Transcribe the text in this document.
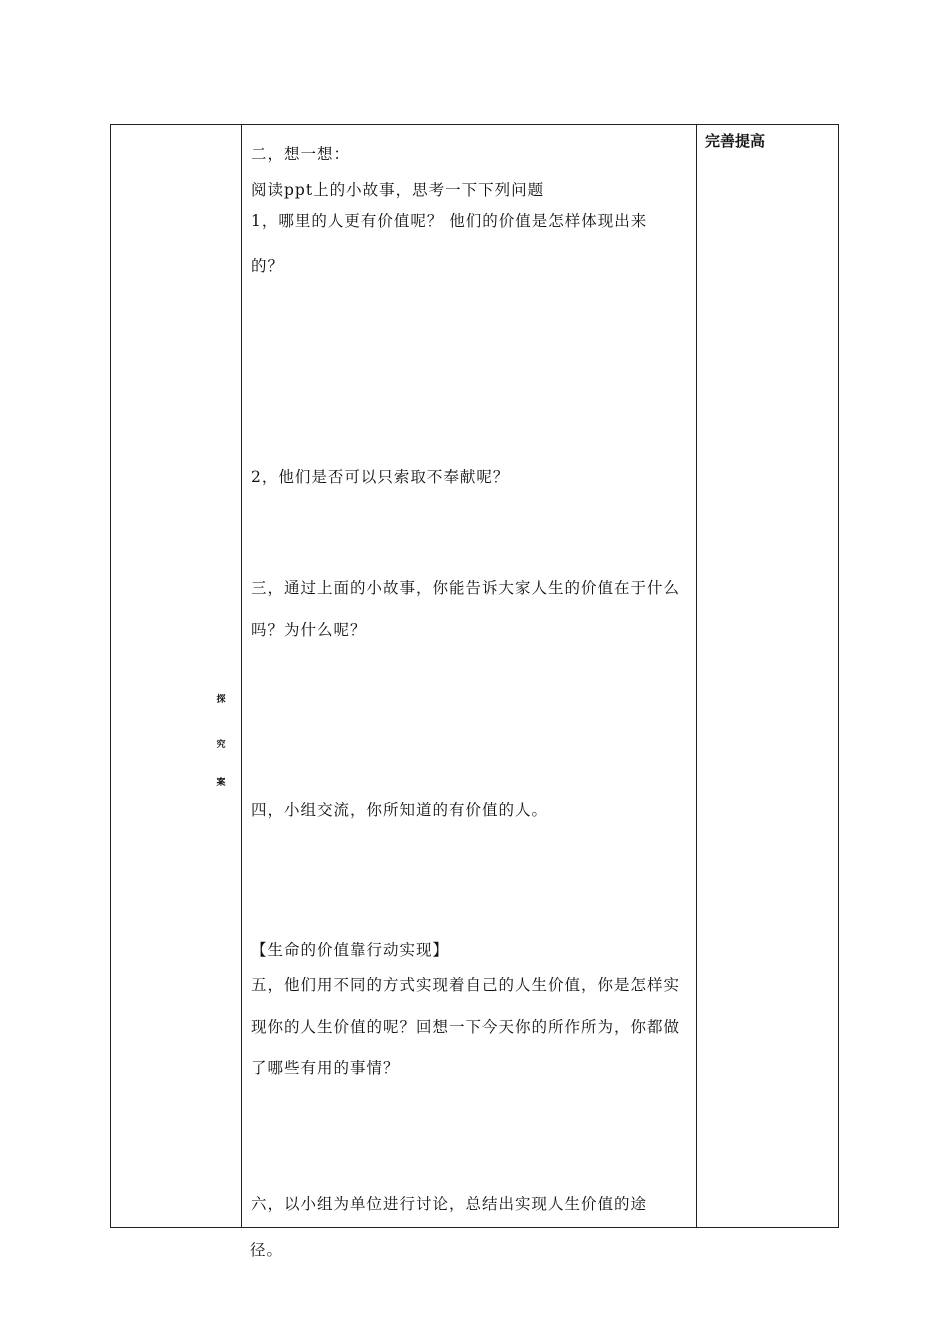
探
究
案
完善提高
二，想一想：
阅读ppt上的小故事，思考一下下列问题
1，哪里的人更有价值呢？ 他们的价值是怎样体现出来
的？
2，他们是否可以只索取不奉献呢？
三，通过上面的小故事，你能告诉大家人生的价值在于什么
吗？为什么呢？
四，小组交流，你所知道的有价值的人。
【生命的价值靠行动实现】
五，他们用不同的方式实现着自己的人生价值，你是怎样实
现你的人生价值的呢？回想一下今天你的所作所为，你都做
了哪些有用的事情？
六，以小组为单位进行讨论，总结出实现人生价值的途
径。
